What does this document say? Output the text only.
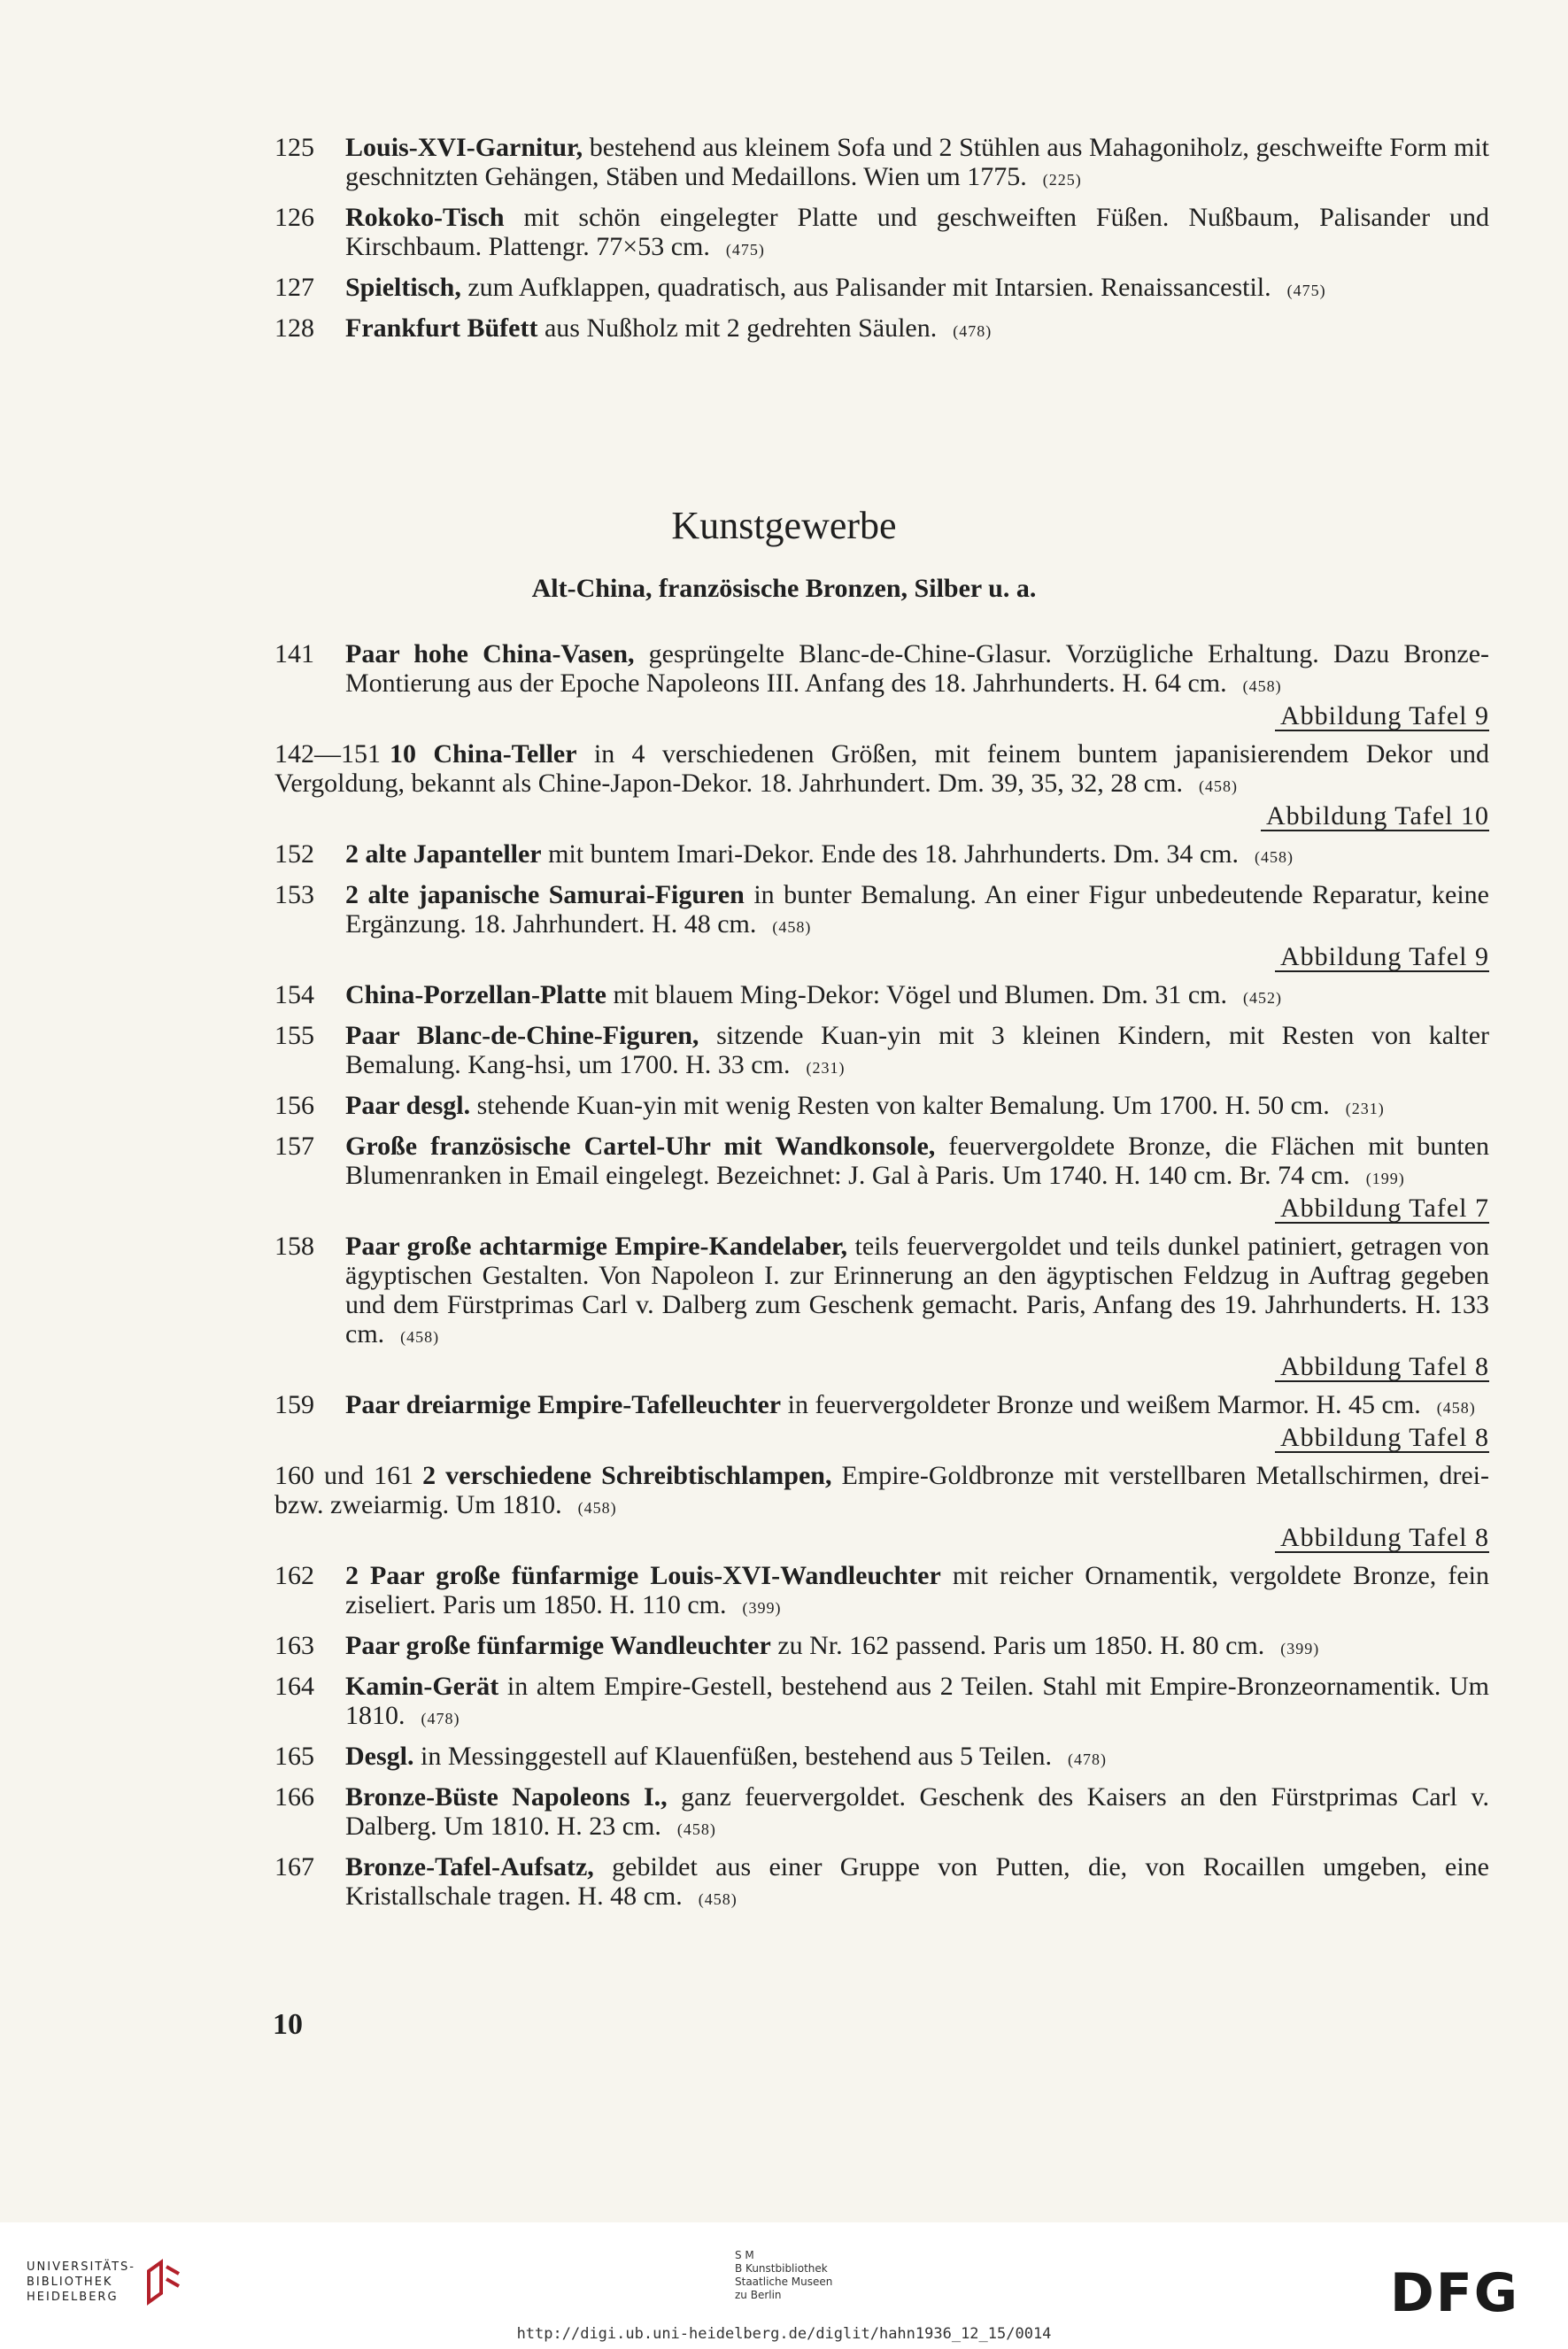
125 Louis-XVI-Garnitur, bestehend aus kleinem Sofa und 2 Stühlen aus Mahagoniholz, geschweifte Form mit geschnitzten Gehängen, Stäben und Medaillons. Wien um 1775. (225)
126 Rokoko-Tisch mit schön eingelegter Platte und geschweiften Füßen. Nußbaum, Palisander und Kirschbaum. Plattengr. 77×53 cm. (475)
127 Spieltisch, zum Aufklappen, quadratisch, aus Palisander mit Intarsien. Renaissancestil. (475)
128 Frankfurt Büfett aus Nußholz mit 2 gedrehten Säulen. (478)
Kunstgewerbe
Alt-China, französische Bronzen, Silber u. a.
141 Paar hohe China-Vasen, gesprüngelte Blanc-de-Chine-Glasur. Vorzügliche Erhaltung. Dazu Bronze-Montierung aus der Epoche Napoleons III. Anfang des 18. Jahrhunderts. H. 64 cm. (458)
Abbildung Tafel 9
142—151 10 China-Teller in 4 verschiedenen Größen, mit feinem buntem japanisierendem Dekor und Vergoldung, bekannt als Chine-Japon-Dekor. 18. Jahrhundert. Dm. 39, 35, 32, 28 cm. (458)
Abbildung Tafel 10
152 2 alte Japanteller mit buntem Imari-Dekor. Ende des 18. Jahrhunderts. Dm. 34 cm. (458)
153 2 alte japanische Samurai-Figuren in bunter Bemalung. An einer Figur unbedeutende Reparatur, keine Ergänzung. 18. Jahrhundert. H. 48 cm. (458)
Abbildung Tafel 9
154 China-Porzellan-Platte mit blauem Ming-Dekor: Vögel und Blumen. Dm. 31 cm. (452)
155 Paar Blanc-de-Chine-Figuren, sitzende Kuan-yin mit 3 kleinen Kindern, mit Resten von kalter Bemalung. Kang-hsi, um 1700. H. 33 cm. (231)
156 Paar desgl. stehende Kuan-yin mit wenig Resten von kalter Bemalung. Um 1700. H. 50 cm. (231)
157 Große französische Cartel-Uhr mit Wandkonsole, feuervergoldete Bronze, die Flächen mit bunten Blumenranken in Email eingelegt. Bezeichnet: J. Gal à Paris. Um 1740. H. 140 cm. Br. 74 cm. (199)
Abbildung Tafel 7
158 Paar große achtarmige Empire-Kandelaber, teils feuervergoldet und teils dunkel patiniert, getragen von ägyptischen Gestalten. Von Napoleon I. zur Erinnerung an den ägyptischen Feldzug in Auftrag gegeben und dem Fürstprimas Carl v. Dalberg zum Geschenk gemacht. Paris, Anfang des 19. Jahrhunderts. H. 133 cm. (458)
Abbildung Tafel 8
159 Paar dreiarmige Empire-Tafelleuchter in feuervergoldeter Bronze und weißem Marmor. H. 45 cm. (458)
Abbildung Tafel 8
160 und 161 2 verschiedene Schreibtischlampen, Empire-Goldbronze mit verstellbaren Metallschirmen, drei- bzw. zweiarmig. Um 1810. (458)
Abbildung Tafel 8
162 2 Paar große fünfarmige Louis-XVI-Wandleuchter mit reicher Ornamentik, vergoldete Bronze, fein ziseliert. Paris um 1850. H. 110 cm. (399)
163 Paar große fünfarmige Wandleuchter zu Nr. 162 passend. Paris um 1850. H. 80 cm. (399)
164 Kamin-Gerät in altem Empire-Gestell, bestehend aus 2 Teilen. Stahl mit Empire-Bronzeornamentik. Um 1810. (478)
165 Desgl. in Messinggestell auf Klauenfüßen, bestehend aus 5 Teilen. (478)
166 Bronze-Büste Napoleons I., ganz feuervergoldet. Geschenk des Kaisers an den Fürstprimas Carl v. Dalberg. Um 1810. H. 23 cm. (458)
167 Bronze-Tafel-Aufsatz, gebildet aus einer Gruppe von Putten, die, von Rocaillen umgeben, eine Kristallschale tragen. H. 48 cm. (458)
10
UNIVERSITÄTS-
BIBLIOTHEK
HEIDELBERG
S M
B Kunstbibliothek
Staatliche Museen
zu Berlin	DFG
http://digi.ub.uni-heidelberg.de/diglit/hahn1936_12_15/0014
